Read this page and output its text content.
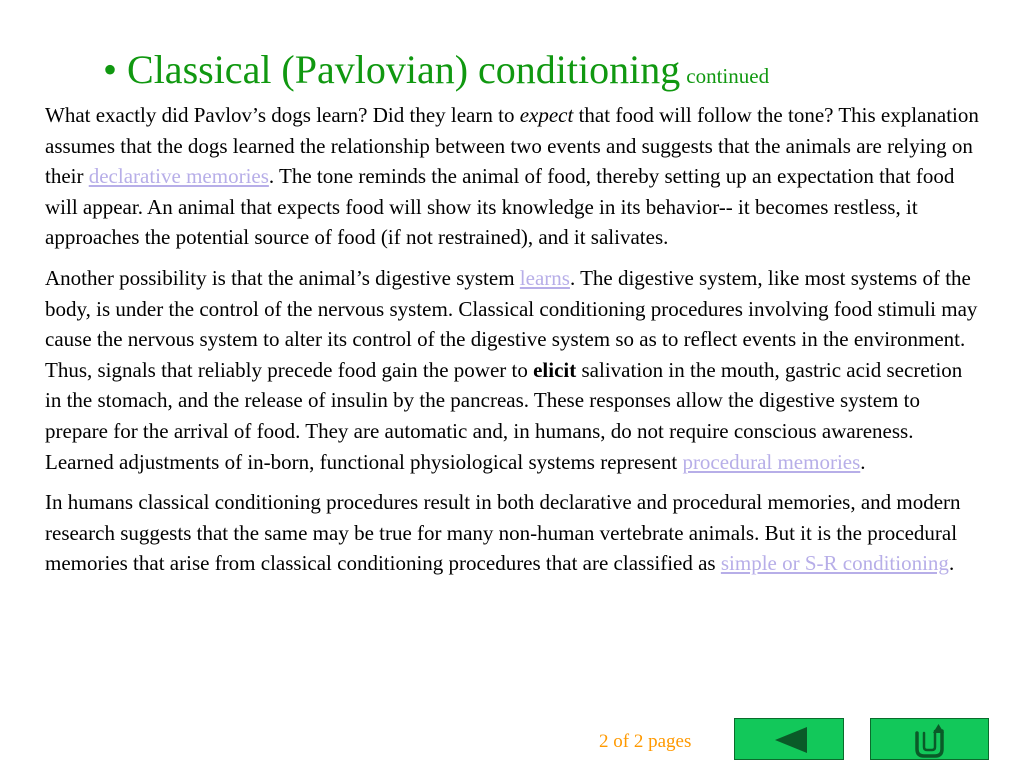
• Classical (Pavlovian) conditioning continued

What exactly did Pavlov’s dogs learn? Did they learn to expect that food will follow the tone? This explanation assumes that the dogs learned the relationship between two events and suggests that the animals are relying on their declarative memories. The tone reminds the animal of food, thereby setting up an expectation that food will appear. An animal that expects food will show its knowledge in its behavior-- it becomes restless, it approaches the potential source of food (if not restrained), and it salivates.

Another possibility is that the animal’s digestive system learns. The digestive system, like most systems of the body, is under the control of the nervous system. Classical conditioning procedures involving food stimuli may cause the nervous system to alter its control of the digestive system so as to reflect events in the environment. Thus, signals that reliably precede food gain the power to elicit salivation in the mouth, gastric acid secretion in the stomach, and the release of insulin by the pancreas. These responses allow the digestive system to prepare for the arrival of food. They are automatic and, in humans, do not require conscious awareness. Learned adjustments of in-born, functional physiological systems represent procedural memories.

In humans classical conditioning procedures result in both declarative and procedural memories, and modern research suggests that the same may be true for many non-human vertebrate animals. But it is the procedural memories that arise from classical conditioning procedures that are classified as simple or S-R conditioning.

2 of 2 pages
